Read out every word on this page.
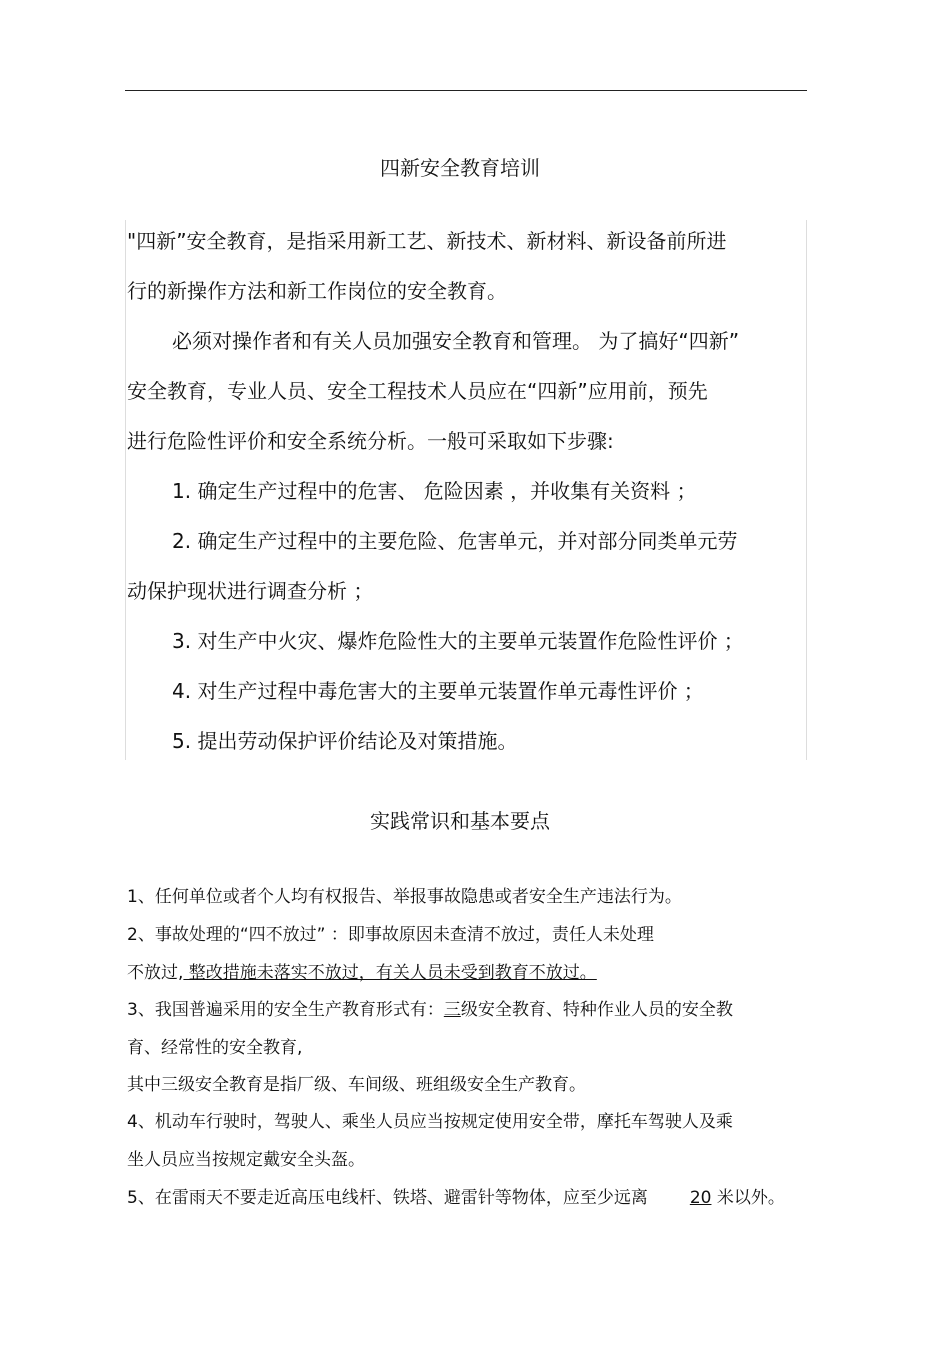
四新安全教育培训
"四新”安全教育，是指采用新工艺、新技术、新材料、新设备前所进
行的新操作方法和新工作岗位的安全教育。
必须对操作者和有关人员加强安全教育和管理。 为了搞好“四新”
安全教育，专业人员、安全工程技术人员应在“四新”应用前，预先
进行危险性评价和安全系统分析。一般可采取如下步骤:
1. 确定生产过程中的危害、 危险因素 ，并收集有关资料 ；
2. 确定生产过程中的主要危险、危害单元，并对部分同类单元劳
动保护现状进行调查分析 ；
3. 对生产中火灾、爆炸危险性大的主要单元装置作危险性评价 ；
4. 对生产过程中毒危害大的主要单元装置作单元毒性评价 ；
5. 提出劳动保护评价结论及对策措施。
实践常识和基本要点
1、任何单位或者个人均有权报告、举报事故隐患或者安全生产违法行为。
2、事故处理的“四不放过” ：即事故原因未查清不放过，责任人未处理
不放过, 整改措施未落实不放过，有关人员未受到教育不放过。
3、我国普遍采用的安全生产教育形式有：三级安全教育、特种作业人员的安全教
育、经常性的安全教育,
其中三级安全教育是指厂级、车间级、班组级安全生产教育。
4、机动车行驶时，驾驶人、乘坐人员应当按规定使用安全带，摩托车驾驶人及乘
坐人员应当按规定戴安全头盔。
5、在雷雨天不要走近高压电线杆、铁塔、避雷针等物体，应至少远离 20 米以外。
